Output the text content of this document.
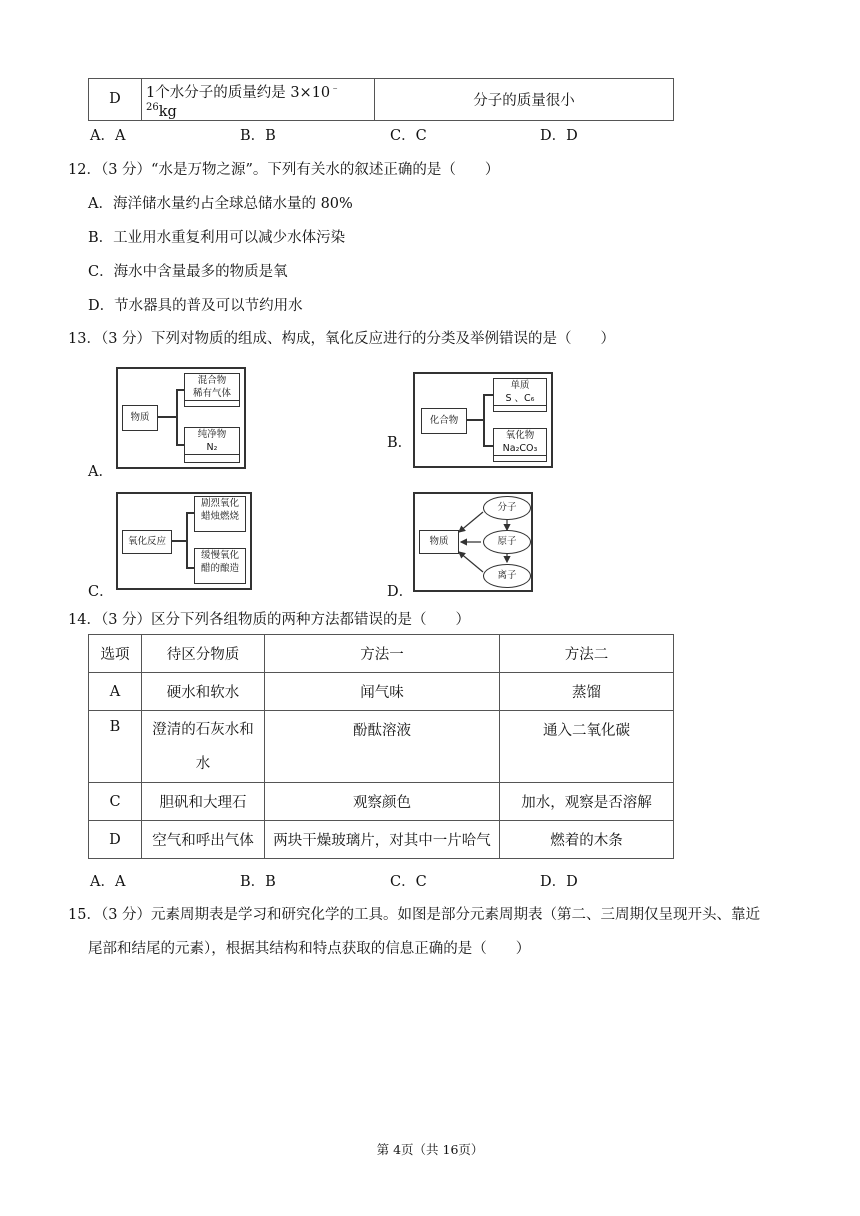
D	1个水分子的质量约是 $3\times 10^{﹣26}kg$	分子的质量很小
A．A	B．B	C．C	D．D
12．（3 分）“水是万物之源”。下列有关水的叙述正确的是（　　）
A．海洋储水量约占全球总储水量的 80%
B．工业用水重复利用可以减少水体污染
C．海水中含量最多的物质是氧
D．节水器具的普及可以节约用水
13．（3 分）下列对物质的组成、构成，氧化反应进行的分类及举例错误的是（　　）
A．
物质
混合物
稀有气体
纯净物
N₂	B．
化合物
单质
S 、C₆
氧化物
Na₂CO₃
C．
氧化反应
剧烈氧化
蜡烛燃烧
缓慢氧化
醋的酿造
D．
物质
分子
原子
离子
14．（3 分）区分下列各组物质的两种方法都错误的是（　　）
选项	待区分物质	方法一	方法二
A	硬水和软水	闻气味	蒸馏
B	澄清的石灰水和水	酚酞溶液	通入二氧化碳
C	胆矾和大理石	观察颜色	加水，观察是否溶解
D	空气和呼出气体	两块干燥玻璃片，对其中一片哈气	燃着的木条
A．A	B．B	C．C	D．D
15．（3 分）元素周期表是学习和研究化学的工具。如图是部分元素周期表（第二、三周期仅呈现开头、靠近
尾部和结尾的元素），根据其结构和特点获取的信息正确的是（　　）
第 4页（共 16页）
